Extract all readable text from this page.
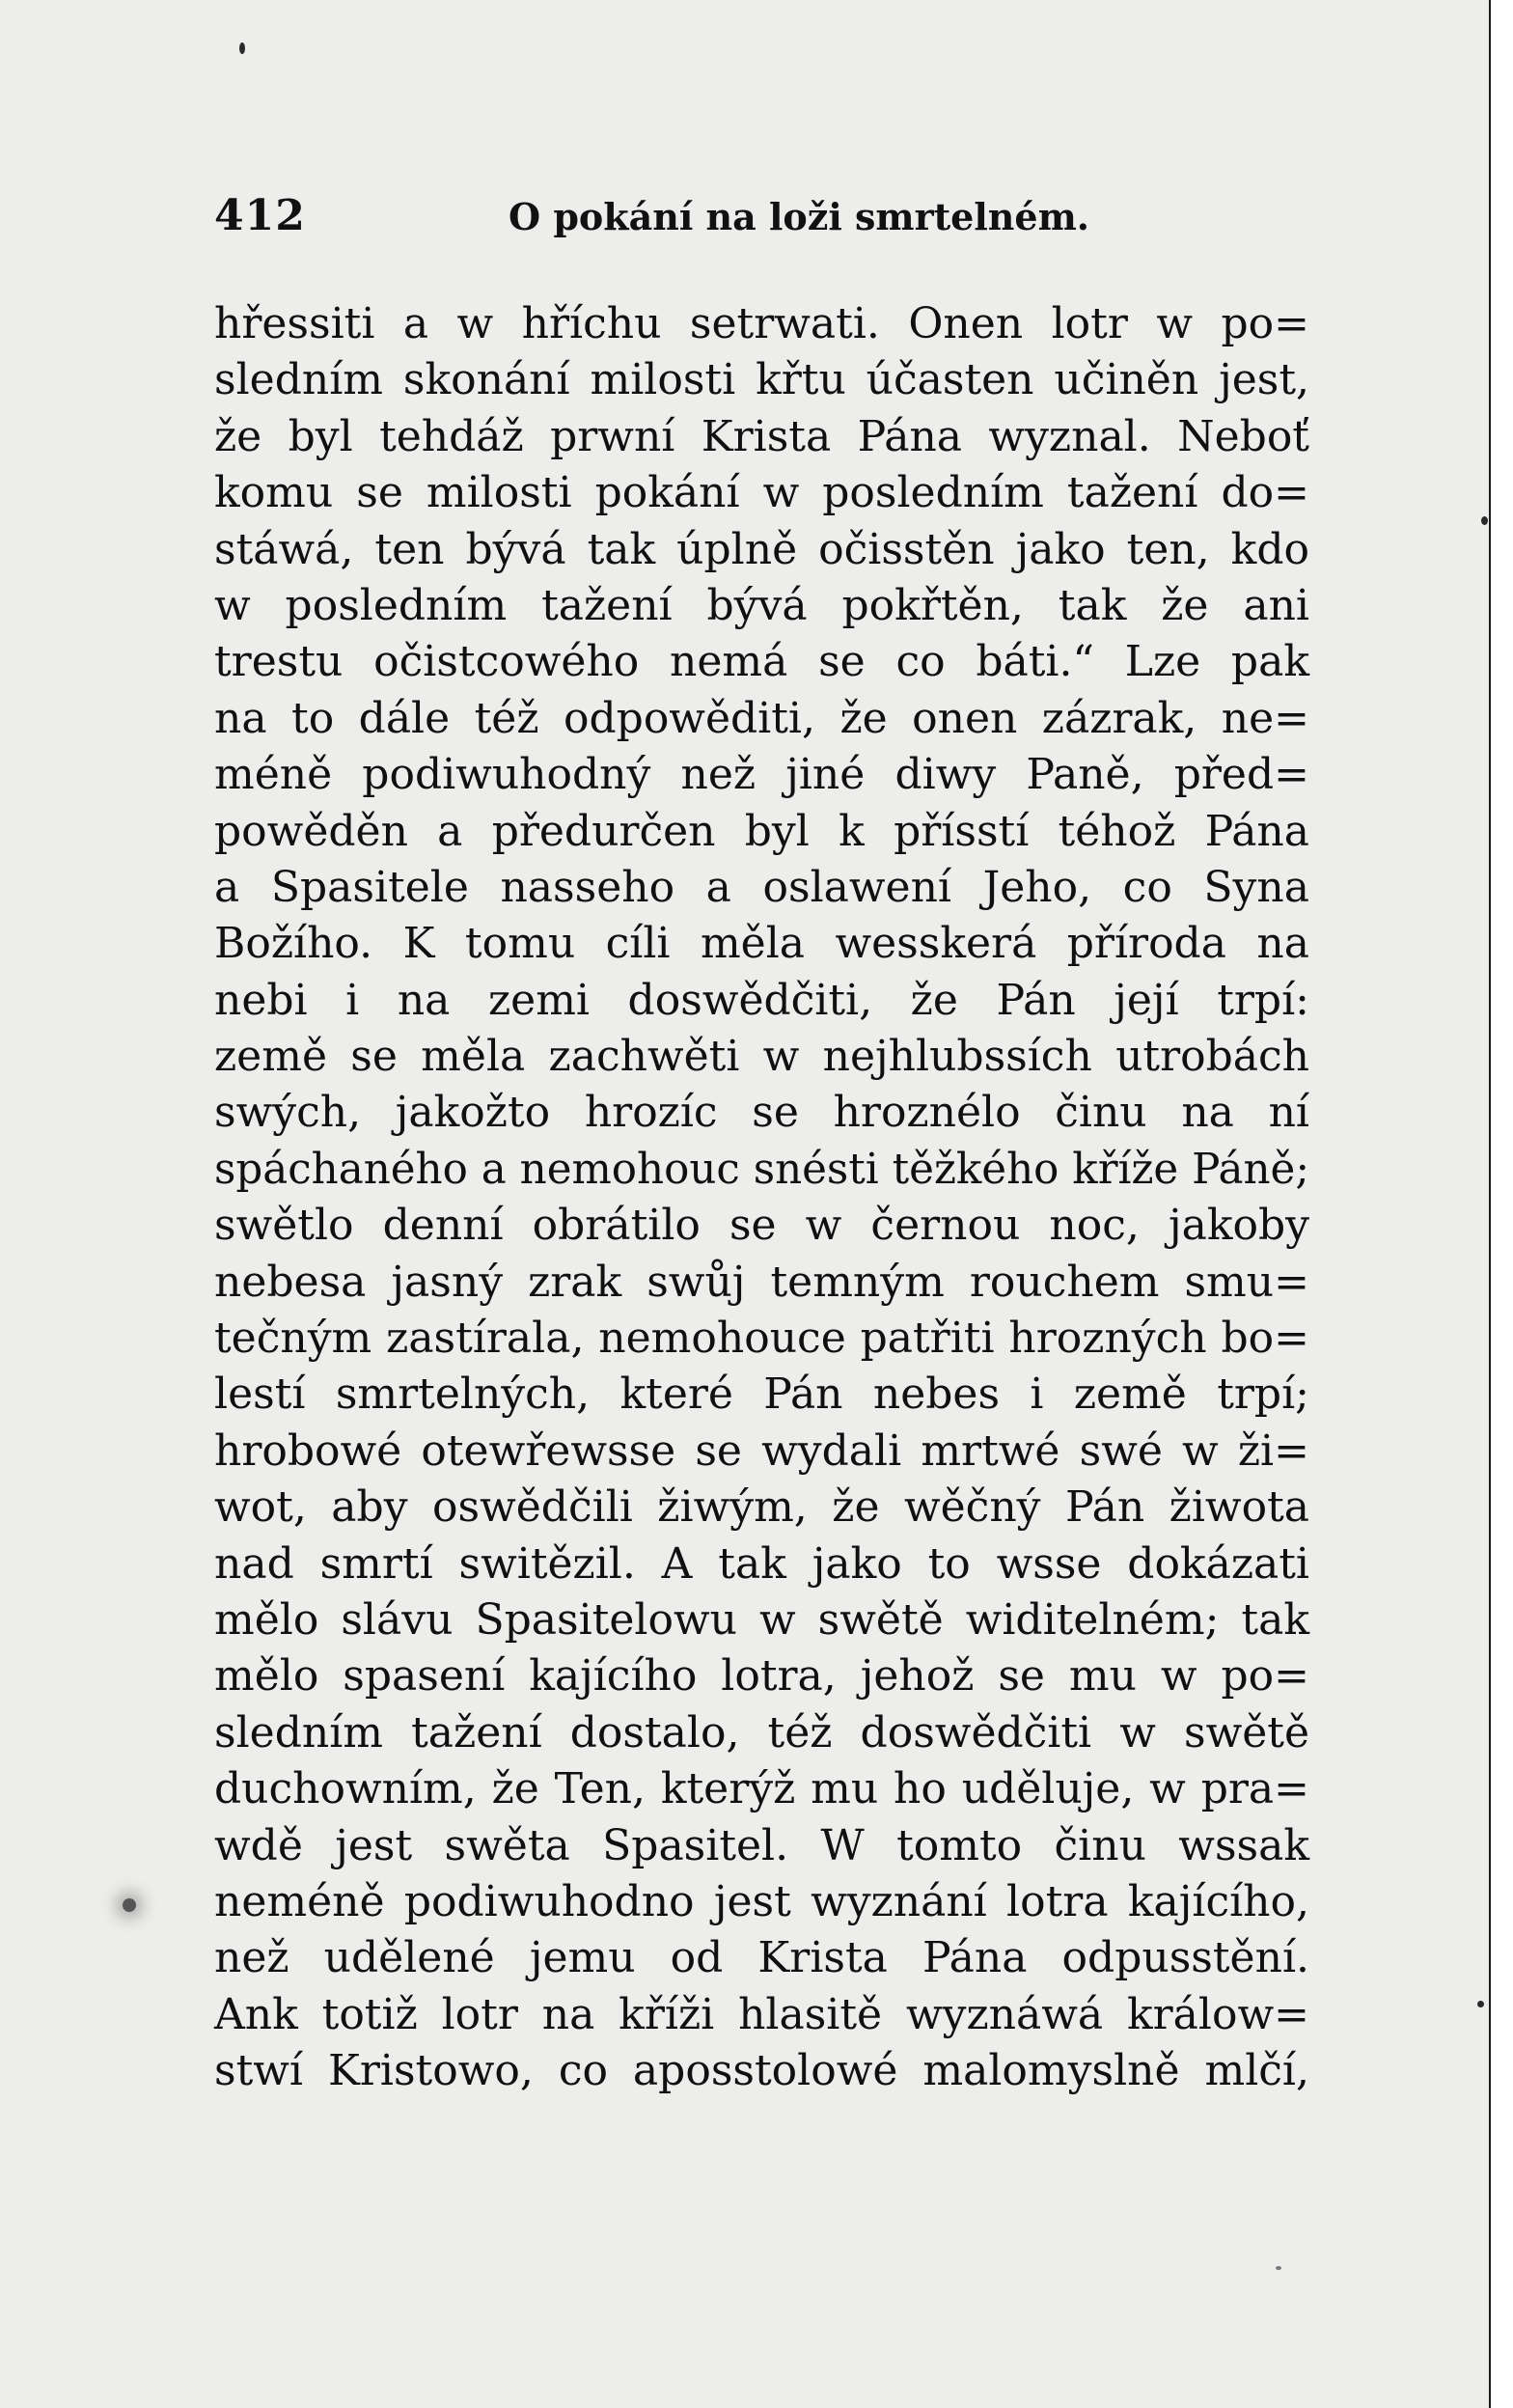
412	O pokání na loži smrtelném.
hřessiti a w hříchu setrwati. Onen lotr w po=
sledním skonání milosti křtu účasten učiněn jest,
že byl tehdáž prwní Krista Pána wyznal. Neboť
komu se milosti pokání w posledním tažení do=
stáwá, ten bývá tak úplně očisstěn jako ten, kdo
w posledním tažení bývá pokřtěn, tak že ani
trestu očistcowého nemá se co báti.“ Lze pak
na to dále též odpowěditi, že onen zázrak, ne=
méně podiwuhodný než jiné diwy Paně, před=
powěděn a předurčen byl k přísstí téhož Pána
a Spasitele nasseho a oslawení Jeho, co Syna
Božího. K tomu cíli měla wesskerá příroda na
nebi i na zemi doswědčiti, že Pán její trpí:
země se měla zachwěti w nejhlubssích utrobách
swých, jakožto hrozíc se hroznélo činu na ní
spáchaného a nemohouc snésti těžkého kříže Páně;
swětlo denní obrátilo se w černou noc, jakoby
nebesa jasný zrak swůj temným rouchem smu=
tečným zastírala, nemohouce patřiti hrozných bo=
lestí smrtelných, které Pán nebes i země trpí;
hrobowé otewřewsse se wydali mrtwé swé w ži=
wot, aby oswědčili žiwým, že wěčný Pán žiwota
nad smrtí switězil. A tak jako to wsse dokázati
mělo slávu Spasitelowu w swětě widitelném; tak
mělo spasení kajícího lotra, jehož se mu w po=
sledním tažení dostalo, též doswědčiti w swětě
duchowním, že Ten, kterýž mu ho uděluje, w pra=
wdě jest swěta Spasitel. W tomto činu wssak
neméně podiwuhodno jest wyznání lotra kajícího,
než udělené jemu od Krista Pána odpusstění.
Ank totiž lotr na kříži hlasitě wyznáwá králow=
stwí Kristowo, co aposstolowé malomyslně mlčí,
